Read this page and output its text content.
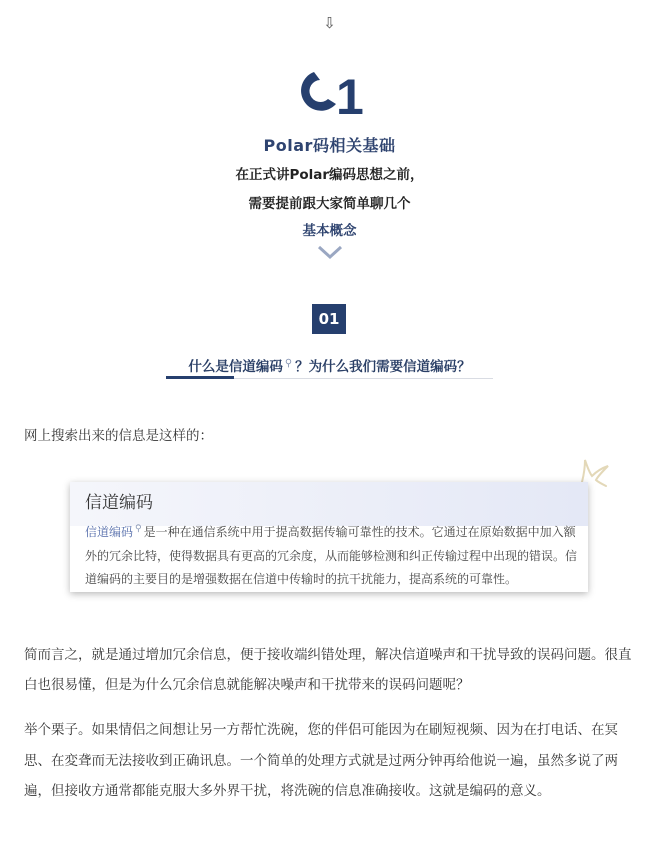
⇩
1
Polar码相关基础
在正式讲Polar编码思想之前，
需要提前跟大家简单聊几个
基本概念
01
什么是信道编码 ⚲ ？为什么我们需要信道编码？
网上搜索出来的信息是这样的：
信道编码
信道编码 ⚲ 是一种在通信系统中用于提高数据传输可靠性的技术。它通过在原始数据中加入额外的冗余比特，使得数据具有更高的冗余度，从而能够检测和纠正传输过程中出现的错误。信道编码的主要目的是增强数据在信道中传输时的抗干扰能力，提高系统的可靠性。
简而言之，就是通过增加冗余信息，便于接收端纠错处理，解决信道噪声和干扰导致的误码问题。很直白也很易懂，但是为什么冗余信息就能解决噪声和干扰带来的误码问题呢？
举个栗子。如果情侣之间想让另一方帮忙洗碗，您的伴侣可能因为在刷短视频、因为在打电话、在冥思、在変聋而无法接收到正确讯息。一个简单的处理方式就是过两分钟再给他说一遍，虽然多说了两遍，但接收方通常都能克服大多外界干扰，将洗碗的信息准确接收。这就是编码的意义。
